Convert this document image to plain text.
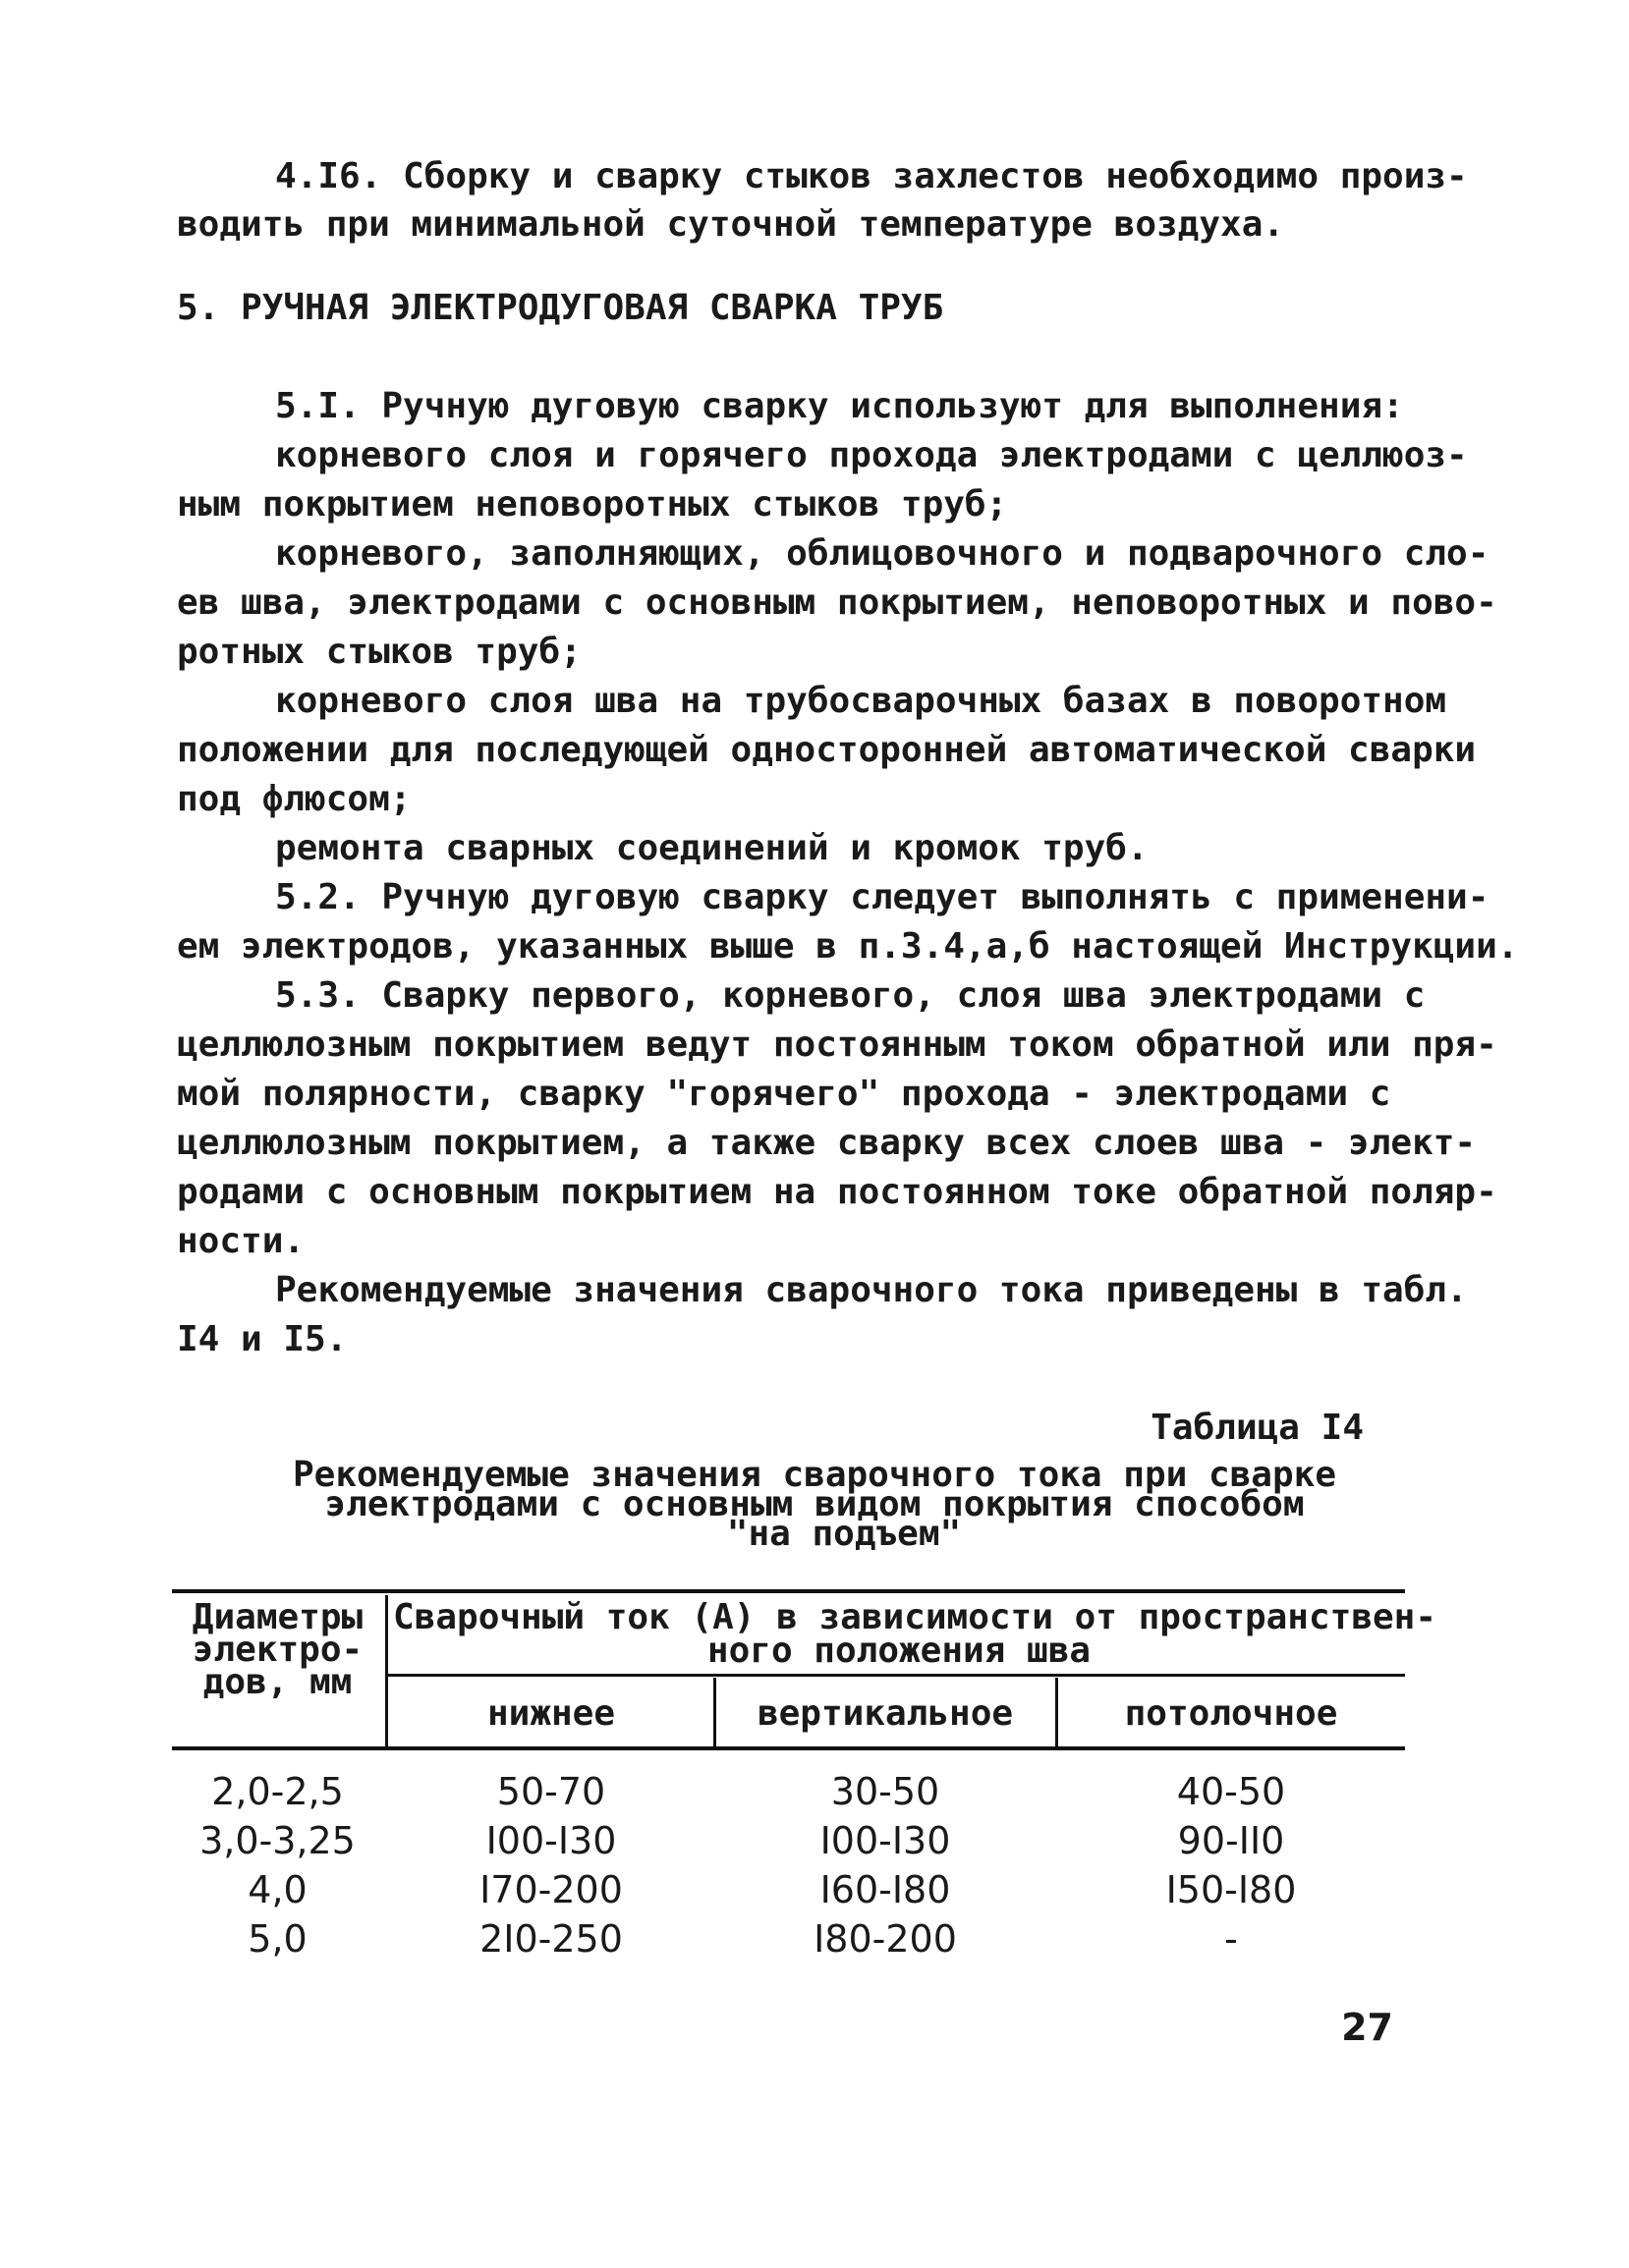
4.I6. Сборку и сварку стыков захлестов необходимо произ-
водить при минимальной суточной температуре воздуха.
5. РУЧНАЯ ЭЛЕКТРОДУГОВАЯ СВАРКА ТРУБ
5.I. Ручную дуговую сварку используют для выполнения:
корневого слоя и горячего прохода электродами с целлюоз-
ным покрытием неповоротных стыков труб;
корневого, заполняющих, облицовочного и подварочного сло-
ев шва, электродами с основным покрытием, неповоротных и пово-
ротных стыков труб;
корневого слоя шва на трубосварочных базах в поворотном
положении для последующей односторонней автоматической сварки
под флюсом;
ремонта сварных соединений и кромок труб.
5.2. Ручную дуговую сварку следует выполнять с применени-
ем электродов, указанных выше в п.3.4,а,б настоящей Инструкции.
5.3. Сварку первого, корневого, слоя шва электродами с
целлюлозным покрытием ведут постоянным током обратной или пря-
мой полярности, сварку "горячего" прохода - электродами с
целлюлозным покрытием, а также сварку всех слоев шва - элект-
родами с основным покрытием на постоянном токе обратной поляр-
ности.
Рекомендуемые значения сварочного тока приведены в табл.
I4 и I5.
Таблица I4
Рекомендуемые значения сварочного тока при сварке
электродами с основным видом покрытия способом
"на подъем"
Диаметры
электро-
дов, мм
Сварочный ток (А) в зависимости от пространствен-
ного положения шва
нижнее	вертикальное	потолочное
2,0-2,5	50-70	30-50	40-50
3,0-3,25	I00-I30	I00-I30	90-II0
4,0	I70-200	I60-I80	I50-I80
5,0	2I0-250	I80-200	-
27
